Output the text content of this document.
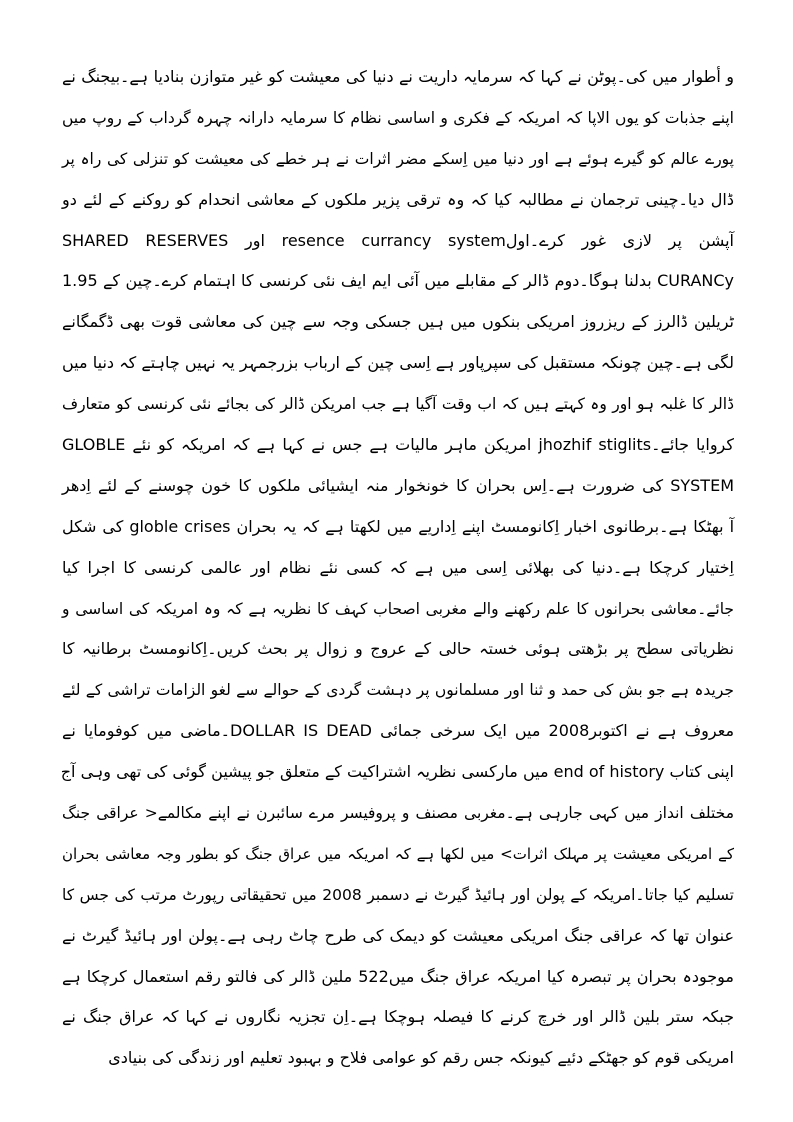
و أطوار میں کی۔پوٹن نے کہا کہ سرمایہ داریت نے دنیا کی معیشت کو غیر متوازن بنادیا ہے۔بیجنگ نے
اپنے جذبات کو یوں الاپا کہ امریکہ کے فکری و اساسی نظام کا سرمایہ دارانہ چہرہ گرداب کے روپ میں
پورے عالم کو گیرے ہوئے ہے اور دنیا میں اِسکے مضر اثرات نے ہر خطے کی معیشت کو تنزلی کی راہ پر
ڈال دیا۔چینی ترجمان نے مطالبہ کیا کہ وہ ترقی پزیر ملکوں کے معاشی انحدام کو روکنے کے لئے دو
آپشن پر لازی غور کرے۔اولresence currancy system اور SHARED RESERVES
CURANCy بدلنا ہوگا۔دوم ڈالر کے مقابلے میں آئی ایم ایف نئی کرنسی کا اہتمام کرے۔چین کے 1.95
ٹریلین ڈالرز کے ریزروز امریکی بنکوں میں ہیں جسکی وجہ سے چین کی معاشی قوت بھی ڈگمگانے
لگی ہے۔چین چونکہ مستقبل کی سپرپاور ہے اِسی چین کے ارباب بزرجمہر یہ نہیں چاہتے کہ دنیا میں
ڈالر کا غلبہ ہو اور وہ کہتے ہیں کہ اب وقت آگیا ہے جب امریکن ڈالر کی بجائے نئی کرنسی کو متعارف
کروایا جائے۔jhozhif stiglits امریکن ماہر مالیات ہے جس نے کہا ہے کہ امریکہ کو نئے GLOBLE
SYSTEM کی ضرورت ہے۔اِس بحران کا خونخوار منہ ایشیائی ملکوں کا خون چوسنے کے لئے اِدھر
آ بھٹکا ہے۔برطانوی اخبار اِکانومسٹ اپنے اِداریے میں لکھتا ہے کہ یہ بحران globle crises کی شکل
اِختیار کرچکا ہے۔دنیا کی بھلائی اِسی میں ہے کہ کسی نئے نظام اور عالمی کرنسی کا اجرا کیا
جائے۔معاشی بحرانوں کا علم رکھنے والے مغربی اصحاب کہف کا نظریہ ہے کہ وہ امریکہ کی اساسی و
نظریاتی سطح پر بڑھتی ہوئی خستہ حالی کے عروج و زوال پر بحث کریں۔اِکانومسٹ برطانیہ کا
جریدہ ہے جو بش کی حمد و ثنا اور مسلمانوں پر دہشت گردی کے حوالے سے لغو الزامات تراشی کے لئے
معروف ہے نے اکتوبر2008 میں ایک سرخی جمائی DOLLAR IS DEAD۔ماضی میں کوفومایا نے
اپنی کتاب end of history میں مارکسی نظریہ اشتراکیت کے متعلق جو پیشین گوئی کی تھی وہی آج
مختلف انداز میں کہی جارہی ہے۔مغربی مصنف و پروفیسر مرے سائبرن نے اپنے مکالمے< عراقی جنگ
کے امریکی معیشت پر مہلک اثرات> میں لکھا ہے کہ امریکہ میں عراق جنگ کو بطور وجہ معاشی بحران
تسلیم کیا جاتا۔امریکہ کے پولن اور ہائیڈ گیرٹ نے دسمبر 2008 میں تحقیقاتی رپورٹ مرتب کی جس کا
عنوان تھا کہ عراقی جنگ امریکی معیشت کو دیمک کی طرح چاٹ رہی ہے۔پولن اور ہائیڈ گیرٹ نے
موجودہ بحران پر تبصرہ کیا امریکہ عراق جنگ میں522 ملین ڈالر کی فالتو رقم استعمال کرچکا ہے
جبکہ ستر بلین ڈالر اور خرچ کرنے کا فیصلہ ہوچکا ہے۔اِن تجزیہ نگاروں نے کہا کہ عراق جنگ نے
امریکی قوم کو جھٹکے دئیے کیونکہ جس رقم کو عوامی فلاح و بہبود تعلیم اور زندگی کی بنیادی
